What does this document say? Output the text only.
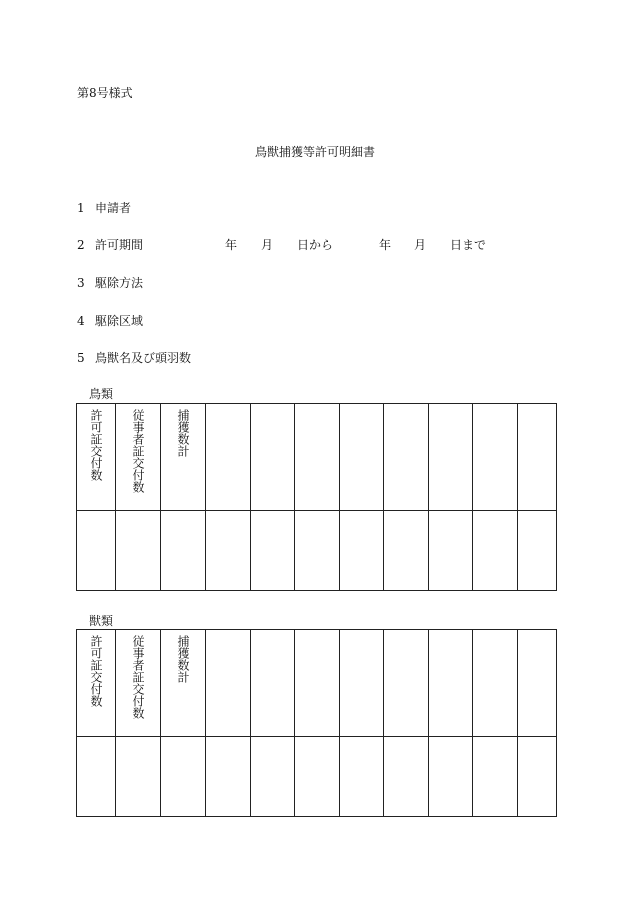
第8号様式
鳥獣捕獲等許可明細書
1 申請者
2 許可期間	年 月 日から	年 月 日まで
3 駆除方法
4 駆除区域
5 鳥獣名及び頭羽数
鳥類
許可証交付数	従事者証交付数	捕獲数計								

獣類
許可証交付数	従事者証交付数	捕獲数計								
